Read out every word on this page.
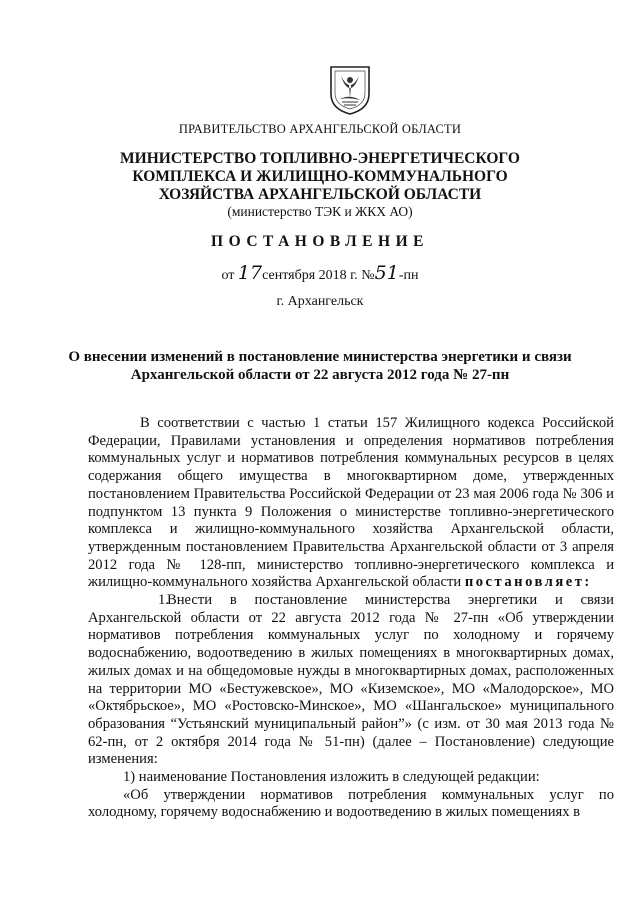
ПРАВИТЕЛЬСТВО АРХАНГЕЛЬСКОЙ ОБЛАСТИ
МИНИСТЕРСТВО ТОПЛИВНО-ЭНЕРГЕТИЧЕСКОГО
КОМПЛЕКСА И ЖИЛИЩНО-КОММУНАЛЬНОГО
ХОЗЯЙСТВА АРХАНГЕЛЬСКОЙ ОБЛАСТИ
(министерство ТЭК и ЖКХ АО)
ПОСТАНОВЛЕНИЕ
от 17сентября 2018 г. №51-пн
г. Архангельск
О внесении изменений в постановление министерства энергетики и связи
Архангельской области от 22 августа 2012 года № 27-пн

В соответствии с частью 1 статьи 157 Жилищного кодекса Российской Федерации, Правилами установления и определения нормативов потребления коммунальных услуг и нормативов потребления коммунальных ресурсов в целях содержания общего имущества в многоквартирном доме, утвержденных постановлением Правительства Российской Федерации от 23 мая 2006 года № 306 и подпунктом 13 пункта 9 Положения о министерстве топливно-энергетического комплекса и жилищно-коммунального хозяйства Архангельской области, утвержденным постановлением Правительства Архангельской области от 3 апреля 2012 года № 128-пп, министерство топливно-энергетического комплекса и жилищно-коммунального хозяйства Архангельской области постановляет:

1.Внести в постановление министерства энергетики и связи Архангельской области от 22 августа 2012 года № 27-пн «Об утверждении нормативов потребления коммунальных услуг по холодному и горячему водоснабжению, водоотведению в жилых помещениях в многоквартирных домах, жилых домах и на общедомовые нужды в многоквартирных домах, расположенных на территории МО «Бестужевское», МО «Киземское», МО «Малодорское», МО «Октябрьское», МО «Ростовско-Минское», МО «Шангальское» муниципального образования “Устьянский муниципальный район”» (с изм. от 30 мая 2013 года № 62-пн, от 2 октября 2014 года № 51-пн) (далее – Постановление) следующие изменения:

1) наименование Постановления изложить в следующей редакции:

«Об утверждении нормативов потребления коммунальных услуг по холодному, горячему водоснабжению и водоотведению в жилых помещениях в
